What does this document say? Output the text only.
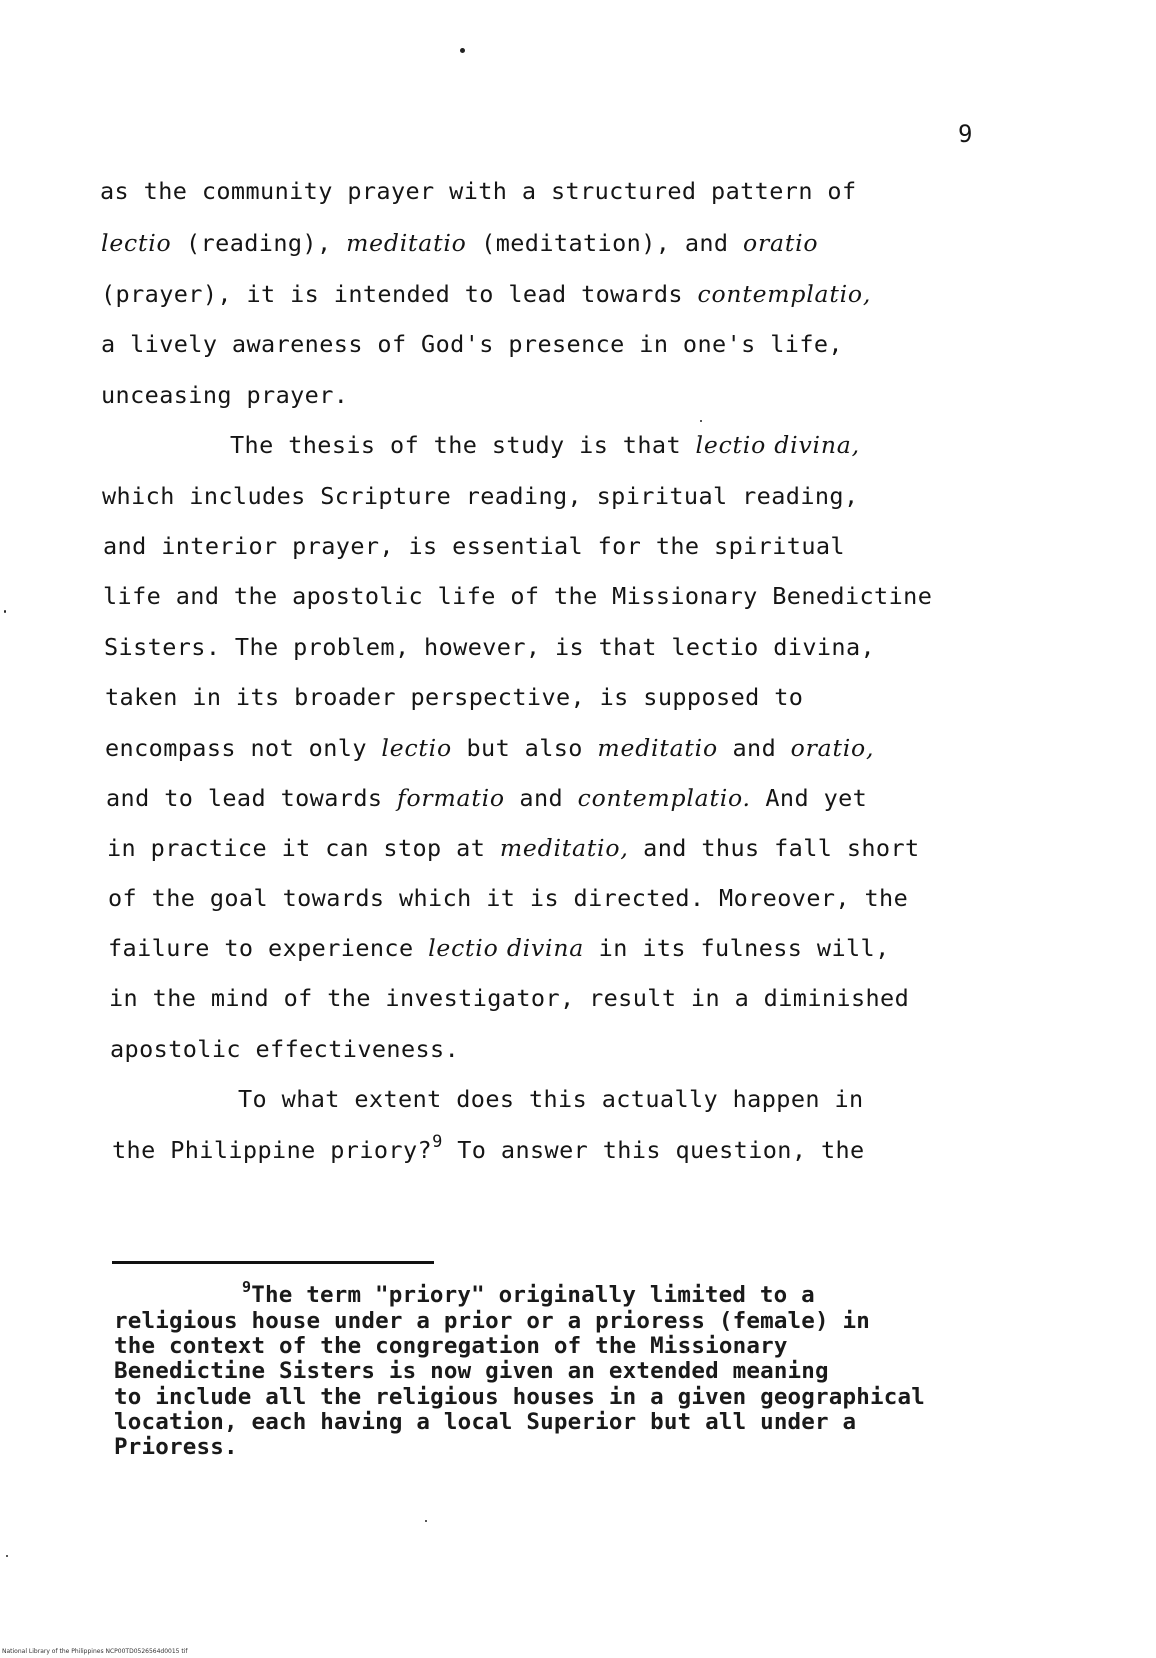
9
as the community prayer with a structured pattern of
lectio (reading), meditatio (meditation), and oratio
(prayer), it is intended to lead towards contemplatio,
a lively awareness of God's presence in one's life,
unceasing prayer.
The thesis of the study is that lectio divina,
which includes Scripture reading, spiritual reading,
and interior prayer, is essential for the spiritual
life and the apostolic life of the Missionary Benedictine
Sisters. The problem, however, is that lectio divina,
taken in its broader perspective, is supposed to
encompass not only lectio but also meditatio and oratio,
and to lead towards formatio and contemplatio. And yet
in practice it can stop at meditatio, and thus fall short
of the goal towards which it is directed. Moreover, the
failure to experience lectio divina in its fulness will,
in the mind of the investigator, result in a diminished
apostolic effectiveness.
To what extent does this actually happen in
the Philippine priory?$^9$ To answer this question, the
$^9$The term "priory" originally limited to a
religious house under a prior or a prioress (female) in
the context of the congregation of the Missionary
Benedictine Sisters is now given an extended meaning
to include all the religious houses in a given geographical
location, each having a local Superior but all under a
Prioress.
National Library of the Philippines NCP00TD0526564d0015 tif
